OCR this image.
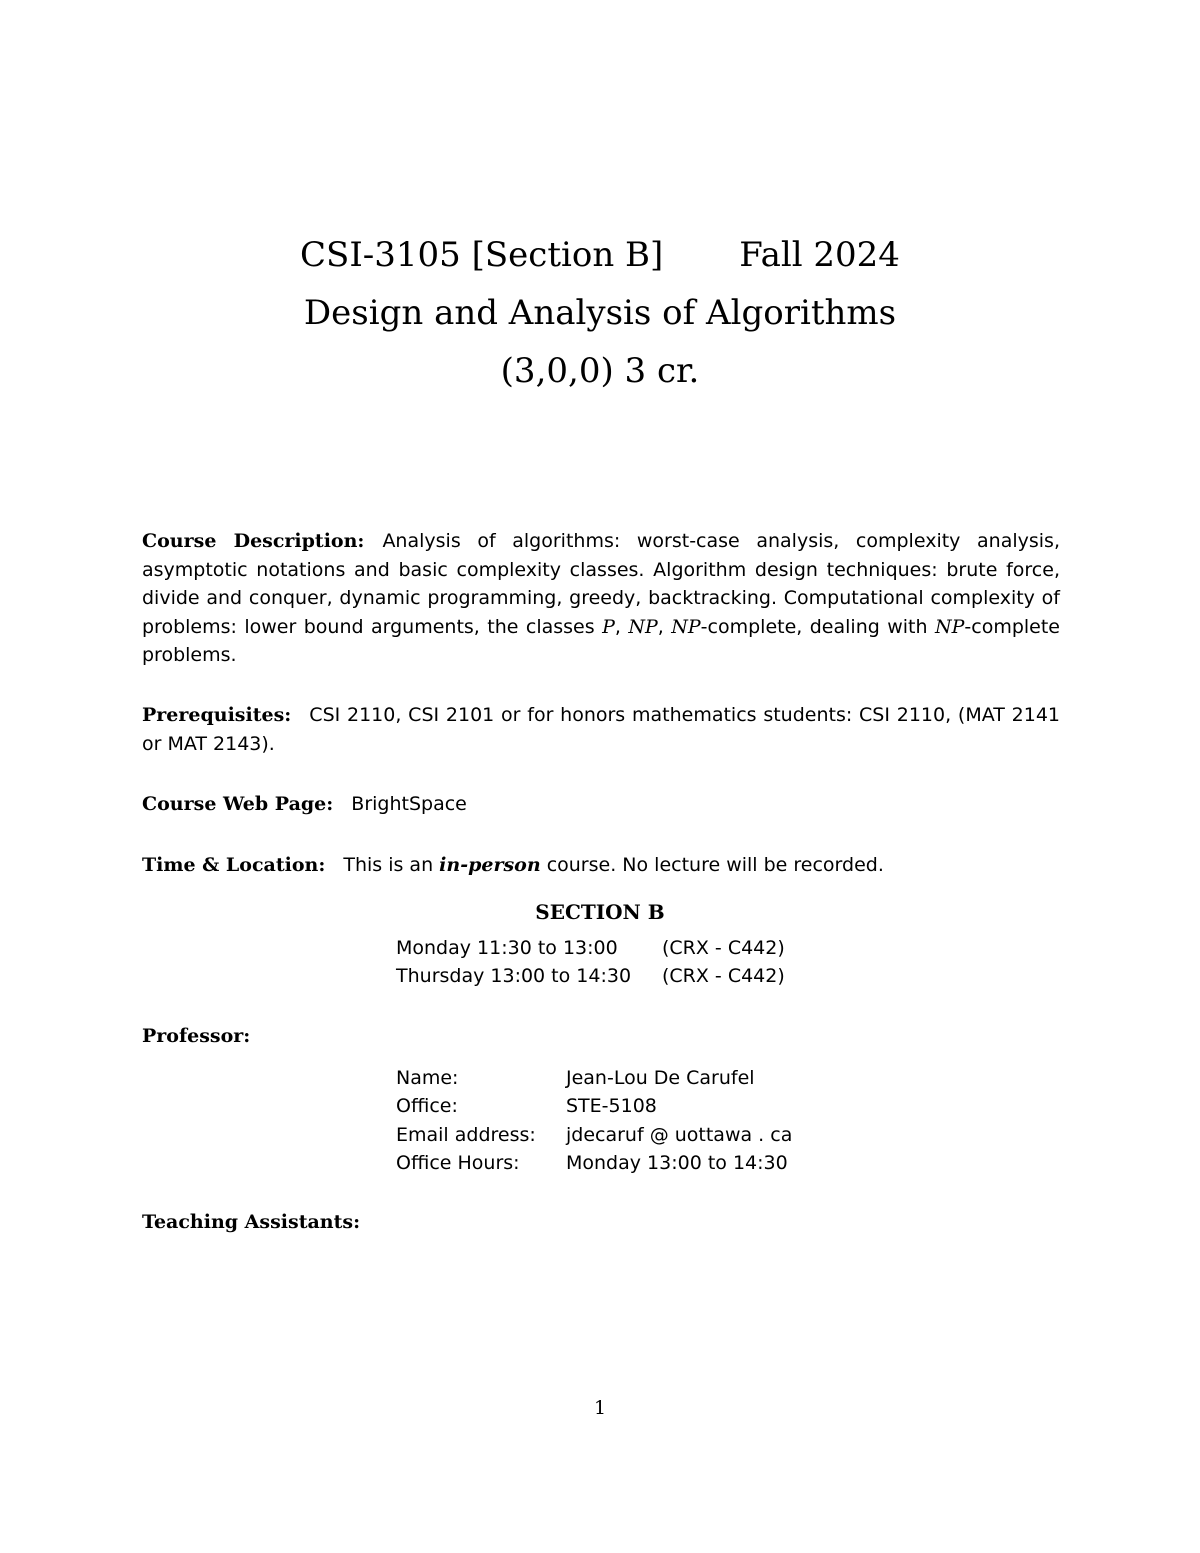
CSI-3105 [Section B] Fall 2024
Design and Analysis of Algorithms
(3,0,0) 3 cr.

Course Description: Analysis of algorithms: worst-case analysis, complexity analysis, asymptotic notations and basic complexity classes. Algorithm design techniques: brute force, divide and conquer, dynamic programming, greedy, backtracking. Computational complexity of problems: lower bound arguments, the classes P, NP, NP-complete, dealing with NP-complete problems.

Prerequisites: CSI 2110, CSI 2101 or for honors mathematics students: CSI 2110, (MAT 2141 or MAT 2143).

Course Web Page: BrightSpace

Time & Location: This is an in-person course. No lecture will be recorded.

SECTION B
Monday 11:30 to 13:00 (CRX - C442)
Thursday 13:00 to 14:30 (CRX - C442)

Professor:

Name:	Jean-Lou De Carufel
Office:	STE-5108
Email address: jdecaruf @ uottawa . ca
Office Hours: Monday 13:00 to 14:30

Teaching Assistants:

1
